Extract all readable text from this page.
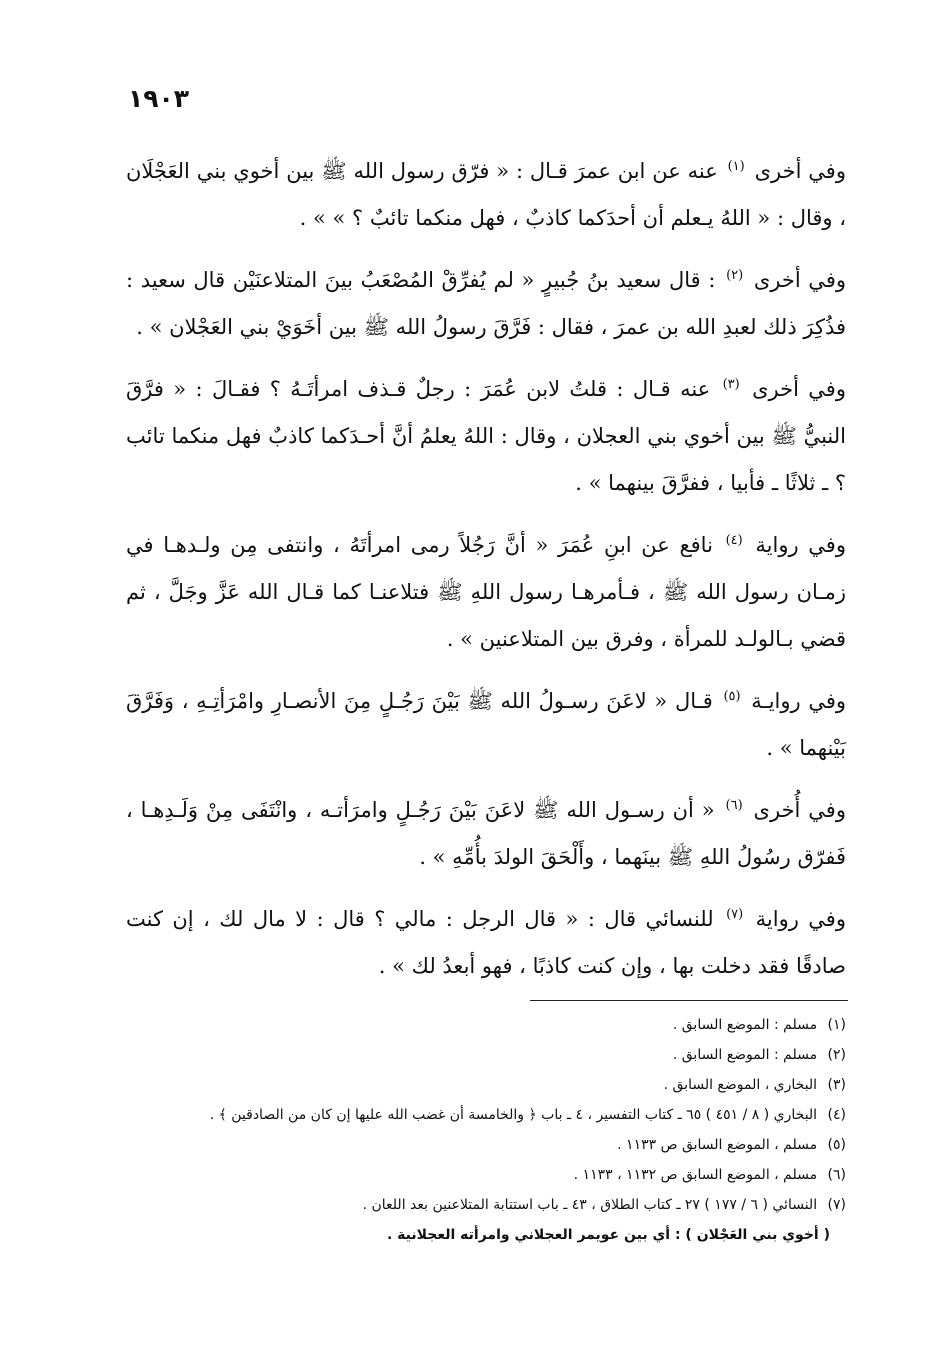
١٩٠٣

وفي أخرى $^{(١)}$ عنه عن ابن عمرَ قـال : « فرّق رسول الله ﷺ بين أخوي بني العَجْلَان ، وقال : « اللهُ يـعلم أن أحدَكما كاذبٌ ، فهل منكما تائبٌ ؟ » » .

وفي أخرى $^{(٢)}$ : قال سعيد بنُ جُبيرٍ « لم يُفرِّقْ المُصْعَبُ بينَ المتلاعنَيْن قال سعيد : فذُكِرَ ذلك لعبدِ الله بن عمرَ ، فقال : فَرَّقَ رسولُ الله ﷺ بين أخَوَيْ بني العَجْلان » .

وفي أخرى $^{(٣)}$ عنه قـال : قلتُ لابن عُمَرَ : رجلٌ قـذف امرأتَـهُ ؟ فقـالَ : « فرَّقَ النبيُّ ﷺ بين أخوي بني العجلان ، وقال : اللهُ يعلمُ أنَّ أحـدَكما كاذبٌ فهل منكما تائب ؟ ـ ثلاثًا ـ فأبيا ، ففرَّقَ بينهما » .

وفي رواية $^{(٤)}$ نافع عن ابنِ عُمَرَ « أنَّ رَجُلاً رمى امرأتَهُ ، وانتفى مِن ولـدهـا في زمـان رسول الله ﷺ ، فـأمرهـا رسول اللهِ ﷺ فتلاعنـا كما قـال الله عَزَّ وجَلَّ ، ثم قضي بـالولـد للمرأة ، وفرق بين المتلاعنين » .

وفي روايـة $^{(٥)}$ قـال « لاعَنَ رسـولُ الله ﷺ بَيْنَ رَجُـلٍ مِنَ الأنصـارِ وامْرَأتِـهِ ، وَفَرَّقَ بَيْنهما » .

وفي أُخرى $^{(٦)}$ « أن رسـول الله ﷺ لاعَنَ بَيْنَ رَجُـلٍ وامرَأتـه ، وانْتَفَى مِنْ وَلَـدِهـا ، فَفرّق رسُولُ اللهِ ﷺ بينَهما ، وأَلْحَقَ الولدَ بأُمِّهِ » .

وفي رواية $^{(٧)}$ للنسائي قال : « قال الرجل : مالي ؟ قال : لا مال لك ، إن كنت صادقًا فقد دخلت بها ، وإن كنت كاذبًا ، فهو أبعدُ لك » .

(١) مسلم : الموضع السابق .

(٢) مسلم : الموضع السابق .

(٣) البخاري ، الموضع السابق .

(٤) البخاري ( ٨ / ٤٥١ ) ٦٥ ـ كتاب التفسير ، ٤ ـ باب ﴿ والخامسة أن غضب الله عليها إن كان من الصادقين ﴾ .

(٥) مسلم ، الموضع السابق ص ١١٣٣ .

(٦) مسلم ، الموضع السابق ص ١١٣٢ ، ١١٣٣ .

(٧) النسائي ( ٦ / ١٧٧ ) ٢٧ ـ كتاب الطلاق ، ٤٣ ـ باب استتابة المتلاعنين بعد اللعان .

( أخوي بني العَجْلان ) : أي بين عويمر العجلاني وامرأته العجلانية .
